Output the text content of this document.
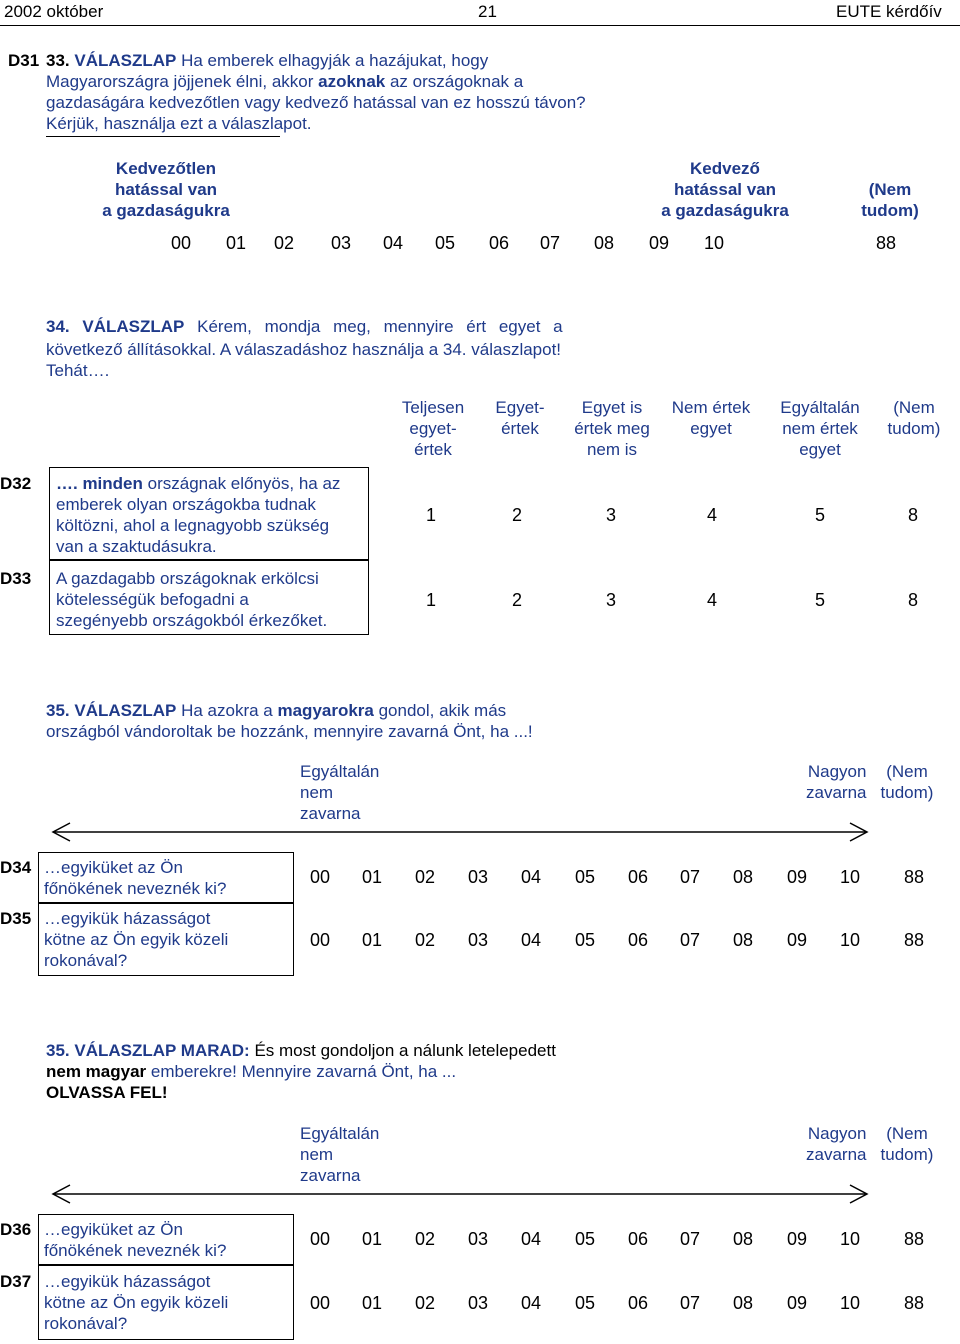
2002 október	21	EUTE kérdőív
D31 33. VÁLASZLAP Ha emberek elhagyják a hazájukat, hogy
Magyarországra jöjjenek élni, akkor azoknak az országoknak a
gazdaságára kedvezőtlen vagy kedvező hatással van ez hosszú távon?
Kérjük, használja ezt a válaszlapot.
Kedvezőtlen
hatással van
a gazdaságukra
Kedvező
hatással van
a gazdaságukra
(Nem
tudom)
00 01 02 03 04 05 06 07 08 09 10	88
34. VÁLASZLAP Kérem, mondja meg, mennyire ért egyet a
következő állításokkal. A válaszadáshoz használja a 34. válaszlapot!
Tehát….
Teljesen
egyet-
értek
Egyet-
értek
Egyet is
értek meg
nem is
Nem értek
egyet
Egyáltalán
nem értek
egyet
(Nem
tudom)
D32 …. minden országnak előnyös, ha az
emberek olyan országokba tudnak
költözni, ahol a legnagyobb szükség
van a szaktudásukra.
1	2	3	4	5	8
D33 A gazdagabb országoknak erkölcsi
kötelességük befogadni a
szegényebb országokból érkezőket.
1	2	3	4	5	8
35. VÁLASZLAP Ha azokra a magyarokra gondol, akik más
országból vándoroltak be hozzánk, mennyire zavarná Önt, ha ...!
Egyáltalán
nem
zavarna
Nagyon
zavarna
(Nem
tudom)
D34 …egyiküket az Ön
főnökének neveznék ki?
D35 …egyikük házasságot
kötne az Ön egyik közeli
rokonával?
00 01 02 03 04 05 06 07 08 09 10 88
00 01 02 03 04 05 06 07 08 09 10 88
35. VÁLASZLAP MARAD: És most gondoljon a nálunk letelepedett
nem magyar emberekre! Mennyire zavarná Önt, ha ...
OLVASSA FEL!
Egyáltalán
nem
zavarna
Nagyon
zavarna
(Nem
tudom)
D36 …egyiküket az Ön
főnökének neveznék ki?
D37 …egyikük házasságot
kötne az Ön egyik közeli
rokonával?
00 01 02 03 04 05 06 07 08 09 10 88
00 01 02 03 04 05 06 07 08 09 10 88
